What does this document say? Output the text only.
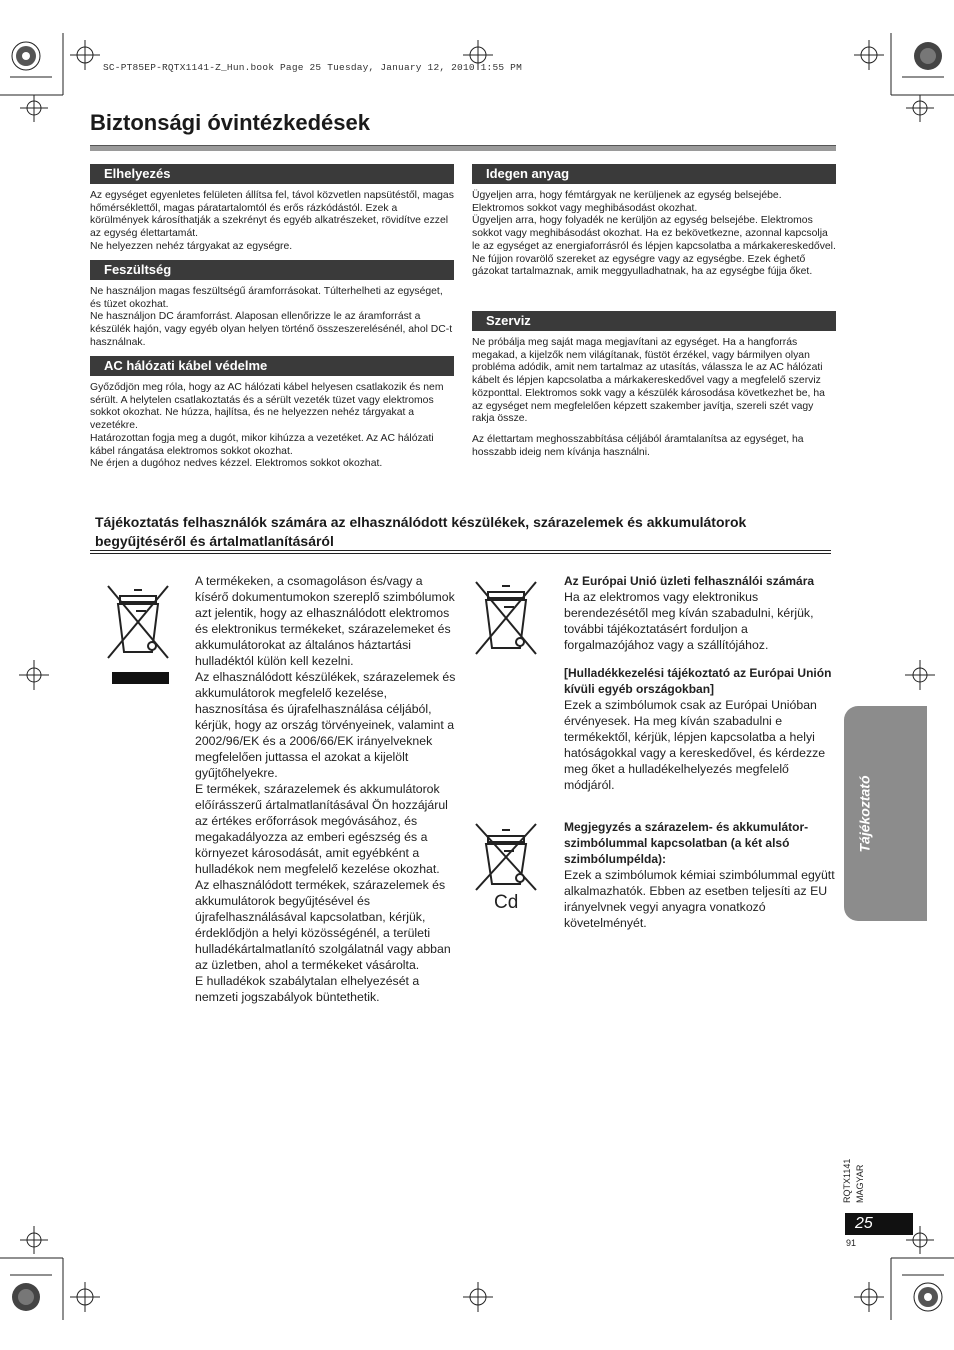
SC-PT85EP-RQTX1141-Z_Hun.book Page 25 Tuesday, January 12, 2010 1:55 PM
Biztonsági óvintézkedések
Elhelyezés

Az egységet egyenletes felületen állítsa fel, távol közvetlen napsütéstől, magas hőmérséklettől, magas páratartalomtól és erős rázkódástól. Ezek a körülmények károsíthatják a szekrényt és egyéb alkatrészeket, rövidítve ezzel az egység élettartamát.

Ne helyezzen nehéz tárgyakat az egységre.

Feszültség

Ne használjon magas feszültségű áramforrásokat. Túlterhelheti az egységet, és tüzet okozhat.

Ne használjon DC áramforrást. Alaposan ellenőrizze le az áramforrást a készülék hajón, vagy egyéb olyan helyen történő összeszerelésénél, ahol DC-t használnak.

AC hálózati kábel védelme

Győződjön meg róla, hogy az AC hálózati kábel helyesen csatlakozik és nem sérült. A helytelen csatlakoztatás és a sérült vezeték tüzet vagy elektromos sokkot okozhat. Ne húzza, hajlítsa, és ne helyezzen nehéz tárgyakat a vezetékre.

Határozottan fogja meg a dugót, mikor kihúzza a vezetéket. Az AC hálózati kábel rángatása elektromos sokkot okozhat.

Ne érjen a dugóhoz nedves kézzel. Elektromos sokkot okozhat.

Idegen anyag

Ügyeljen arra, hogy fémtárgyak ne kerüljenek az egység belsejébe. Elektromos sokkot vagy meghibásodást okozhat.

Ügyeljen arra, hogy folyadék ne kerüljön az egység belsejébe. Elektromos sokkot vagy meghibásodást okozhat. Ha ez bekövetkezne, azonnal kapcsolja le az egységet az energiaforrásról és lépjen kapcsolatba a márkakereskedővel.

Ne fújjon rovarölő szereket az egységre vagy az egységbe. Ezek éghető gázokat tartalmaznak, amik meggyulladhatnak, ha az egységbe fújja őket.

Szerviz

Ne próbálja meg saját maga megjavítani az egységet. Ha a hangforrás megakad, a kijelzők nem világítanak, füstöt érzékel, vagy bármilyen olyan probléma adódik, amit nem tartalmaz az utasítás, válassza le az AC hálózati kábelt és lépjen kapcsolatba a márkakereskedővel vagy a megfelelő szerviz központtal. Elektromos sokk vagy a készülék károsodása következhet be, ha az egységet nem megfelelően képzett szakember javítja, szereli szét vagy rakja össze.

Az élettartam meghosszabbítása céljából áramtalanítsa az egységet, ha hosszabb ideig nem kívánja használni.

Tájékoztatás felhasználók számára az elhasználódott készülékek, szárazelemek és akkumulátorok
begyűjtéséről és ártalmatlanításáról

A termékeken, a csomagoláson és/vagy a kísérő dokumentumokon szereplő szimbólumok azt jelentik, hogy az elhasználódott elektromos és elektronikus termékeket, szárazelemeket és akkumulátorokat az általános háztartási hulladéktól külön kell kezelni.

Az elhasználódott készülékek, szárazelemek és akkumulátorok megfelelő kezelése, hasznosítása és újrafelhasználása céljából, kérjük, hogy az ország törvényeinek, valamint a 2002/96/EK és a 2006/66/EK irányelveknek megfelelően juttassa el azokat a kijelölt gyűjtőhelyekre.

E termékek, szárazelemek és akkumulátorok előírásszerű ártalmatlanításával Ön hozzájárul az értékes erőforrások megóvásához, és megakadályozza az emberi egészség és a környezet károsodását, amit egyébként a hulladékok nem megfelelő kezelése okozhat.

Az elhasználódott termékek, szárazelemek és akkumulátorok begyűjtésével és újrafelhasználásával kapcsolatban, kérjük, érdeklődjön a helyi közösségénél, a területi hulladékártalmatlanító szolgálatnál vagy abban az üzletben, ahol a termékeket vásárolta.

E hulladékok szabálytalan elhelyezését a nemzeti jogszabályok büntethetik.

Az Európai Unió üzleti felhasználói számára

Ha az elektromos vagy elektronikus berendezésétől meg kíván szabadulni, kérjük, további tájékoztatásért forduljon a forgalmazójához vagy a szállítójához.

[Hulladékkezelési tájékoztató az Európai Unión kívüli egyéb országokban]

Ezek a szimbólumok csak az Európai Unióban érvényesek. Ha meg kíván szabadulni e termékektől, kérjük, lépjen kapcsolatba a helyi hatóságokkal vagy a kereskedővel, és kérdezze meg őket a hulladékelhelyezés megfelelő módjáról.

Cd

Megjegyzés a szárazelem- és akkumulátor-szimbólummal kapcsolatban (a két alsó szimbólumpélda):

Ezek a szimbólumok kémiai szimbólummal együtt alkalmazhatók. Ebben az esetben teljesíti az EU irányelvnek vegyi anyagra vonatkozó követelményét.

Tájékoztató
RQTX1141 MAGYAR
25
91
